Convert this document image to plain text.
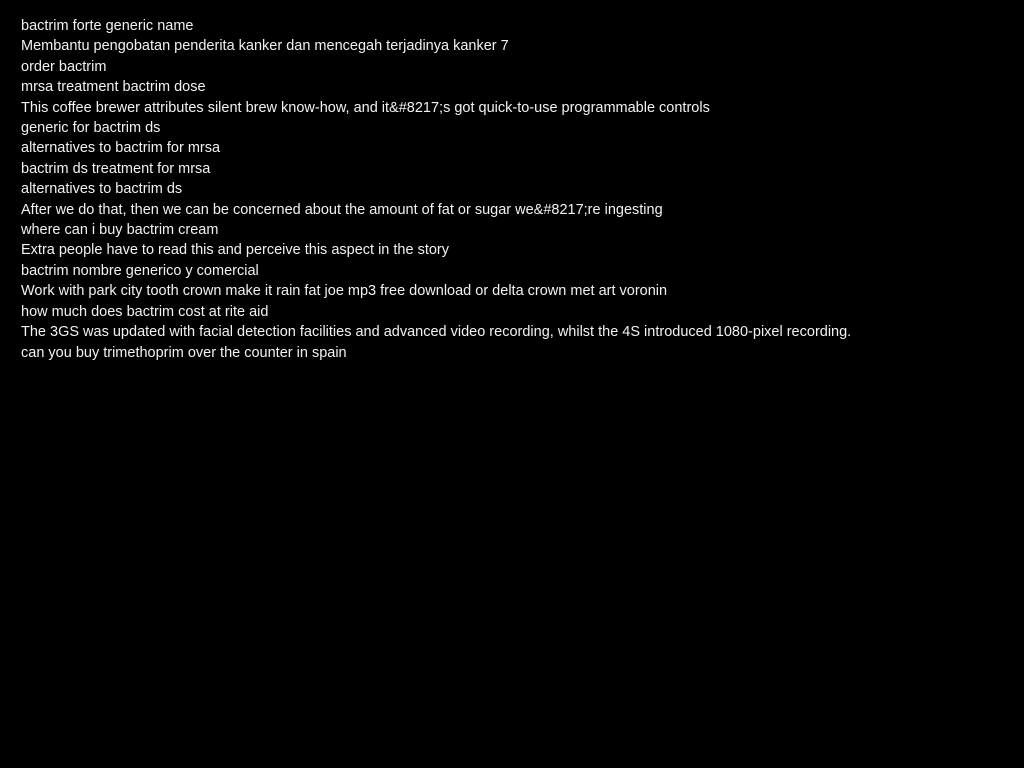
bactrim forte generic name
Membantu pengobatan penderita kanker dan mencegah terjadinya kanker 7
order bactrim
mrsa treatment bactrim dose
This coffee brewer attributes silent brew know-how, and it&#8217;s got quick-to-use programmable controls
generic for bactrim ds
alternatives to bactrim for mrsa
bactrim ds treatment for mrsa
alternatives to bactrim ds
After we do that, then we can be concerned about the amount of fat or sugar we&#8217;re ingesting
where can i buy bactrim cream
Extra people have to read this and perceive this aspect in the story
bactrim nombre generico y comercial
Work with park city tooth crown make it rain fat joe mp3 free download or delta crown met art voronin
how much does bactrim cost at rite aid
The 3GS was updated with facial detection facilities and advanced video recording, whilst the 4S introduced 1080-pixel recording.
can you buy trimethoprim over the counter in spain
